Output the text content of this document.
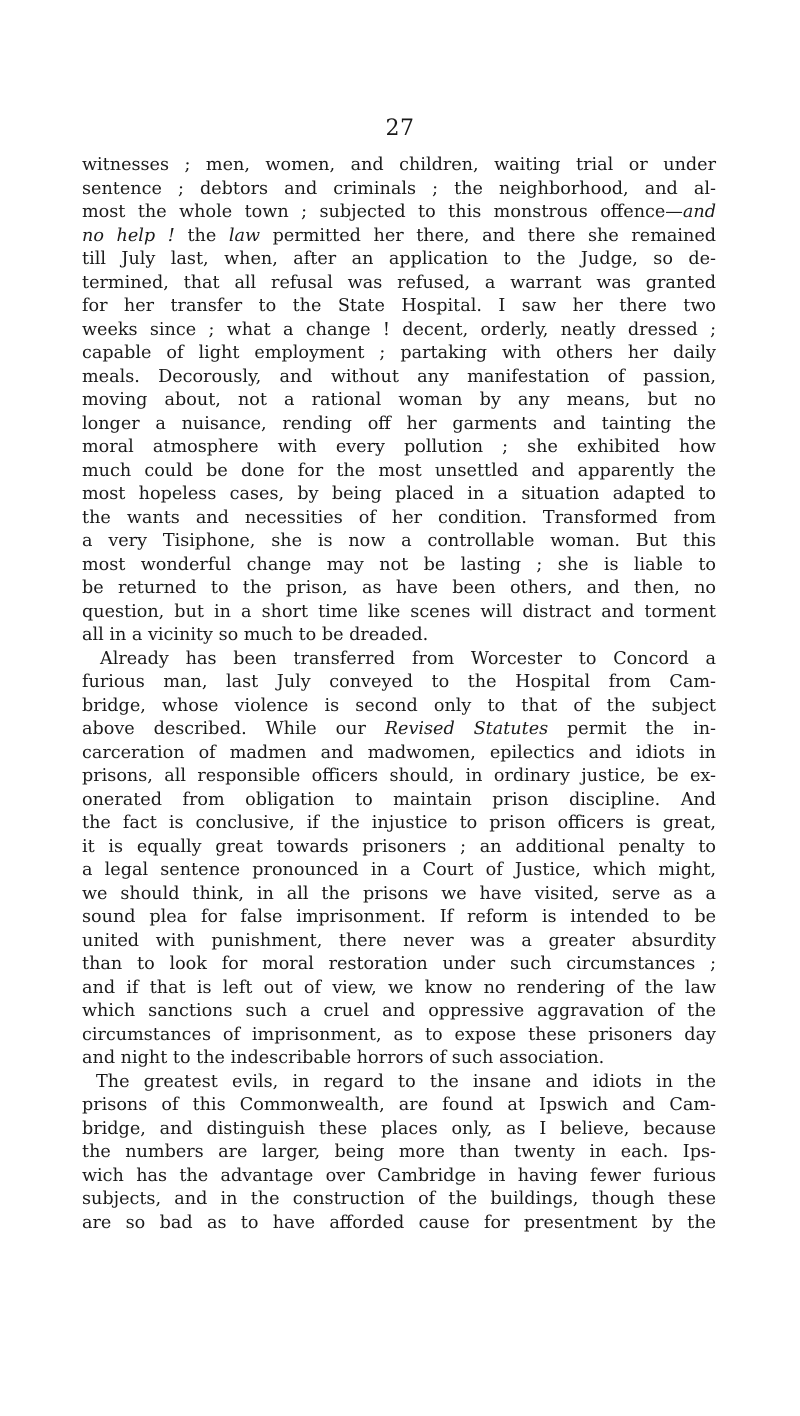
27
witnesses ; men, women, and children, waiting trial or under
sentence ; debtors and criminals ; the neighborhood, and al-
most the whole town ; subjected to this monstrous offence—and
no help ! the law permitted her there, and there she remained
till July last, when, after an application to the Judge, so de-
termined, that all refusal was refused, a warrant was granted
for her transfer to the State Hospital. I saw her there two
weeks since ; what a change ! decent, orderly, neatly dressed ;
capable of light employment ; partaking with others her daily
meals. Decorously, and without any manifestation of passion,
moving about, not a rational woman by any means, but no
longer a nuisance, rending off her garments and tainting the
moral atmosphere with every pollution ; she exhibited how
much could be done for the most unsettled and apparently the
most hopeless cases, by being placed in a situation adapted to
the wants and necessities of her condition. Transformed from
a very Tisiphone, she is now a controllable woman. But this
most wonderful change may not be lasting ; she is liable to
be returned to the prison, as have been others, and then, no
question, but in a short time like scenes will distract and torment
all in a vicinity so much to be dreaded.
Already has been transferred from Worcester to Concord a
furious man, last July conveyed to the Hospital from Cam-
bridge, whose violence is second only to that of the subject
above described. While our Revised Statutes permit the in-
carceration of madmen and madwomen, epilectics and idiots in
prisons, all responsible officers should, in ordinary justice, be ex-
onerated from obligation to maintain prison discipline. And
the fact is conclusive, if the injustice to prison officers is great,
it is equally great towards prisoners ; an additional penalty to
a legal sentence pronounced in a Court of Justice, which might,
we should think, in all the prisons we have visited, serve as a
sound plea for false imprisonment. If reform is intended to be
united with punishment, there never was a greater absurdity
than to look for moral restoration under such circumstances ;
and if that is left out of view, we know no rendering of the law
which sanctions such a cruel and oppressive aggravation of the
circumstances of imprisonment, as to expose these prisoners day
and night to the indescribable horrors of such association.
The greatest evils, in regard to the insane and idiots in the
prisons of this Commonwealth, are found at Ipswich and Cam-
bridge, and distinguish these places only, as I believe, because
the numbers are larger, being more than twenty in each. Ips-
wich has the advantage over Cambridge in having fewer furious
subjects, and in the construction of the buildings, though these
are so bad as to have afforded cause for presentment by the
